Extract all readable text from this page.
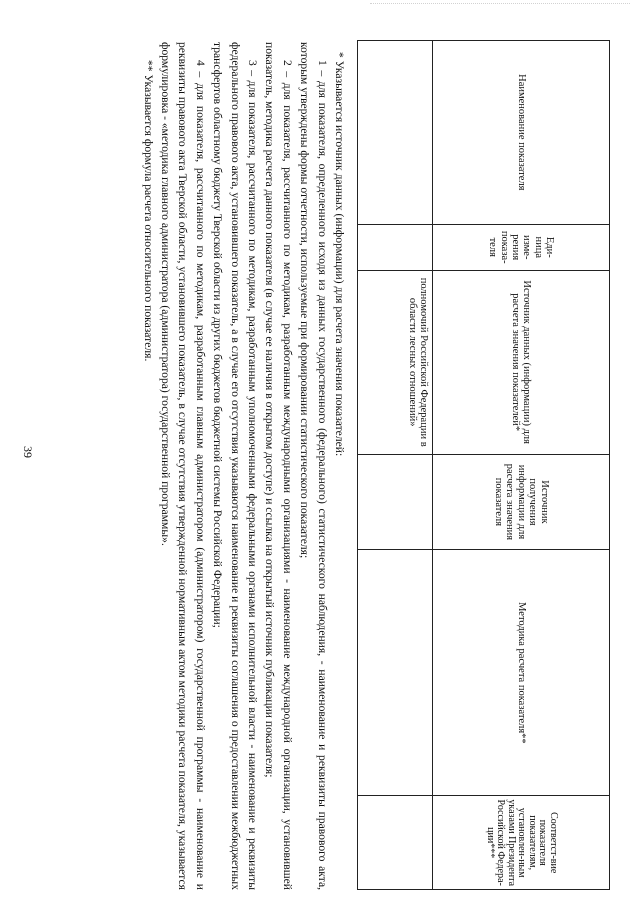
39
Наименование показателя	Еди-ница изме-рения показа-теля	Источник данных (информации) для расчета значения показателей*	Источник получения информации для расчета значения показателя	Методика расчета показателя**	Соответст-вие показателя показателям, установлен-ным указами Президента Российской Федера-ции***
		полномочий Российской Федерации в области лесных отношений»			

* Указывается источник данных (информации) для расчета значения показателей:

1 – для показателя, определенного исходя из данных государственного (федерального) статистического наблюдения, - наименование и реквизиты правового акта, которым утверждены формы отчетности, используемые при формировании статистического показателя;

2 – для показателя, рассчитанного по методикам, разработанным международными организациями - наименование международной организации, установившей показатель, методика расчета данного показателя (в случае ее наличия в открытом доступе) и ссылка на открытый источник публикации показателя;

3 – для показателя, рассчитанного по методикам, разработанным уполномоченными федеральными органами исполнительной власти - наименование и реквизиты федерального правового акта, установившего показатель, а в случае его отсутствия указываются наименование и реквизиты соглашения о предоставлении межбюджетных трансфертов областному бюджету Тверской области из других бюджетов бюджетной системы Российской Федерации;

4 – для показателя, рассчитанного по методикам, разработанным главным администратором (администратором) государственной программы - наименование и реквизиты правового акта Тверской области, установившего показатель, в случае отсутствия утвержденной нормативным актом методики расчета показателя, указывается формулировка - «методика главного администратора (администратора) государственной программы».

** Указывается формула расчета относительного показателя.
